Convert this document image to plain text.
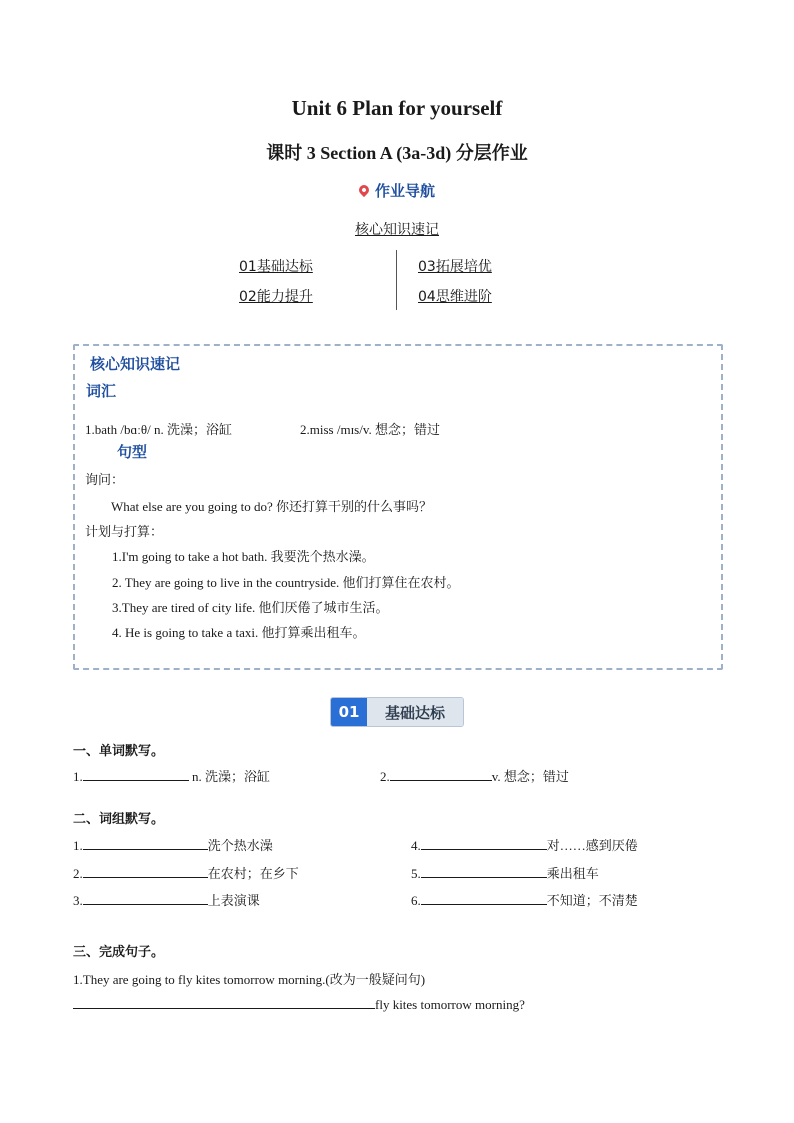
Unit 6 Plan for yourself
课时 3 Section A (3a-3d) 分层作业
作业导航
核心知识速记
01基础达标
02能力提升
03拓展培优
04思维进阶
核心知识速记
词汇
1.bath /bɑːθ/ n. 洗澡；浴缸	2.miss /mɪs/v. 想念；错过
句型
询问：
What else are you going to do? 你还打算干别的什么事吗？
计划与打算：
1.I'm going to take a hot bath. 我要洗个热水澡。
2. They are going to live in the countryside. 他们打算住在农村。
3.They are tired of city life. 他们厌倦了城市生活。
4. He is going to take a taxi. 他打算乘出租车。
01	基础达标
一、单词默写。
1.	n. 洗澡；浴缸	2.	v. 想念；错过
二、词组默写。
1.	洗个热水澡
2.	在农村；在乡下
3.	上表演课
4.	对……感到厌倦
5.	乘出租车
6.	不知道；不清楚
三、完成句子。
1.They are going to fly kites tomorrow morning.(改为一般疑问句)
fly kites tomorrow morning?
